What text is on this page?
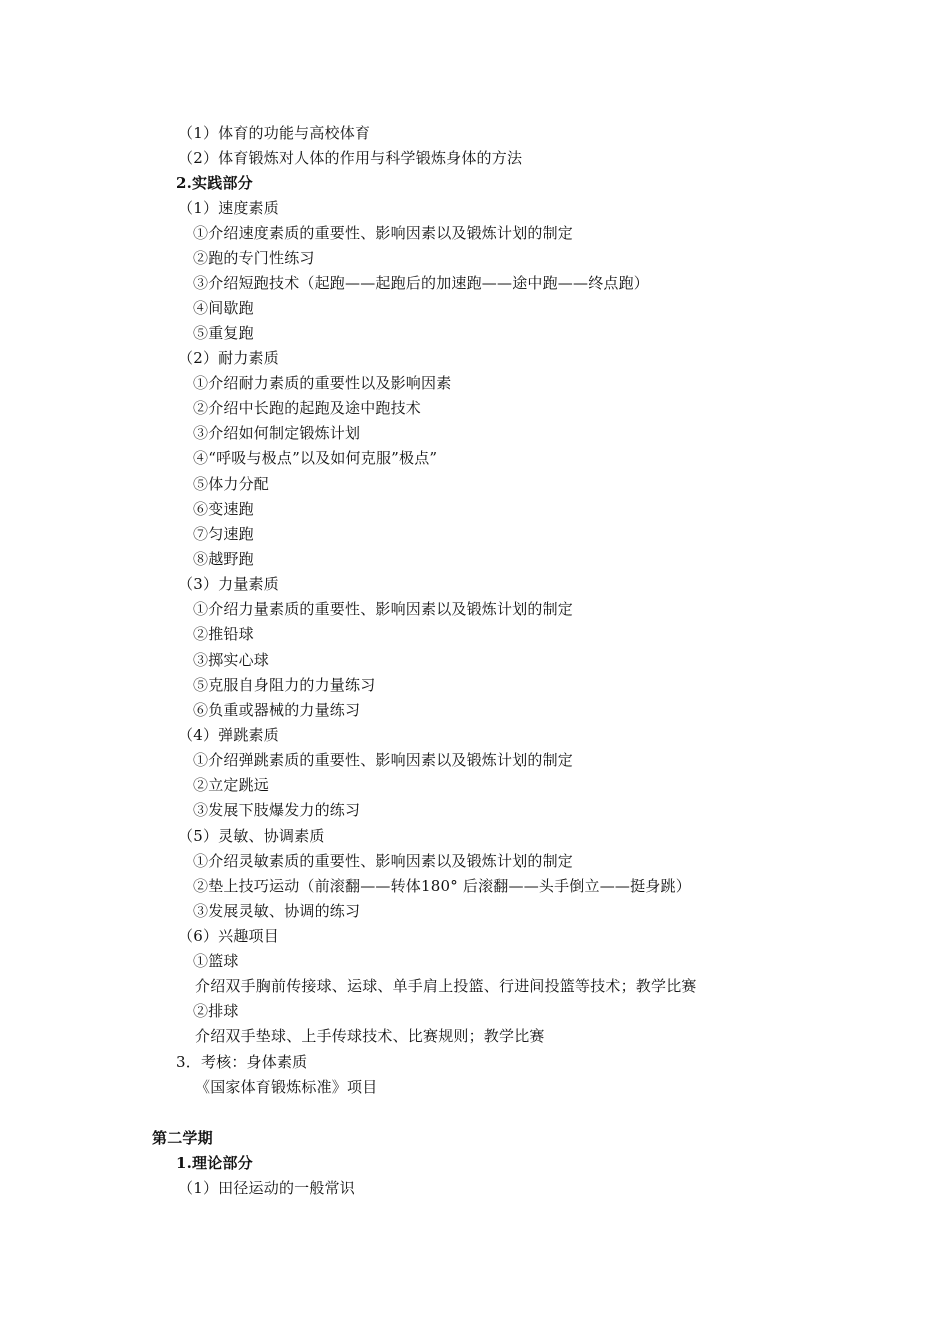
（1）体育的功能与高校体育
（2）体育锻炼对人体的作用与科学锻炼身体的方法
2.实践部分
（1）速度素质
①介绍速度素质的重要性、影响因素以及锻炼计划的制定
②跑的专门性练习
③介绍短跑技术（起跑——起跑后的加速跑——途中跑——终点跑）
④间歇跑
⑤重复跑
（2）耐力素质
①介绍耐力素质的重要性以及影响因素
②介绍中长跑的起跑及途中跑技术
③介绍如何制定锻炼计划
④“呼吸与极点”以及如何克服”极点”
⑤体力分配
⑥变速跑
⑦匀速跑
⑧越野跑
（3）力量素质
①介绍力量素质的重要性、影响因素以及锻炼计划的制定
②推铅球
③掷实心球
⑤克服自身阻力的力量练习
⑥负重或器械的力量练习
（4）弹跳素质
①介绍弹跳素质的重要性、影响因素以及锻炼计划的制定
②立定跳远
③发展下肢爆发力的练习
（5）灵敏、协调素质
①介绍灵敏素质的重要性、影响因素以及锻炼计划的制定
②垫上技巧运动（前滚翻——转体180° 后滚翻——头手倒立——挺身跳）
③发展灵敏、协调的练习
（6）兴趣项目
①篮球
介绍双手胸前传接球、运球、单手肩上投篮、行进间投篮等技术；教学比赛
②排球
介绍双手垫球、上手传球技术、比赛规则；教学比赛
3．考核：身体素质
《国家体育锻炼标准》项目
第二学期
1.理论部分
（1）田径运动的一般常识
